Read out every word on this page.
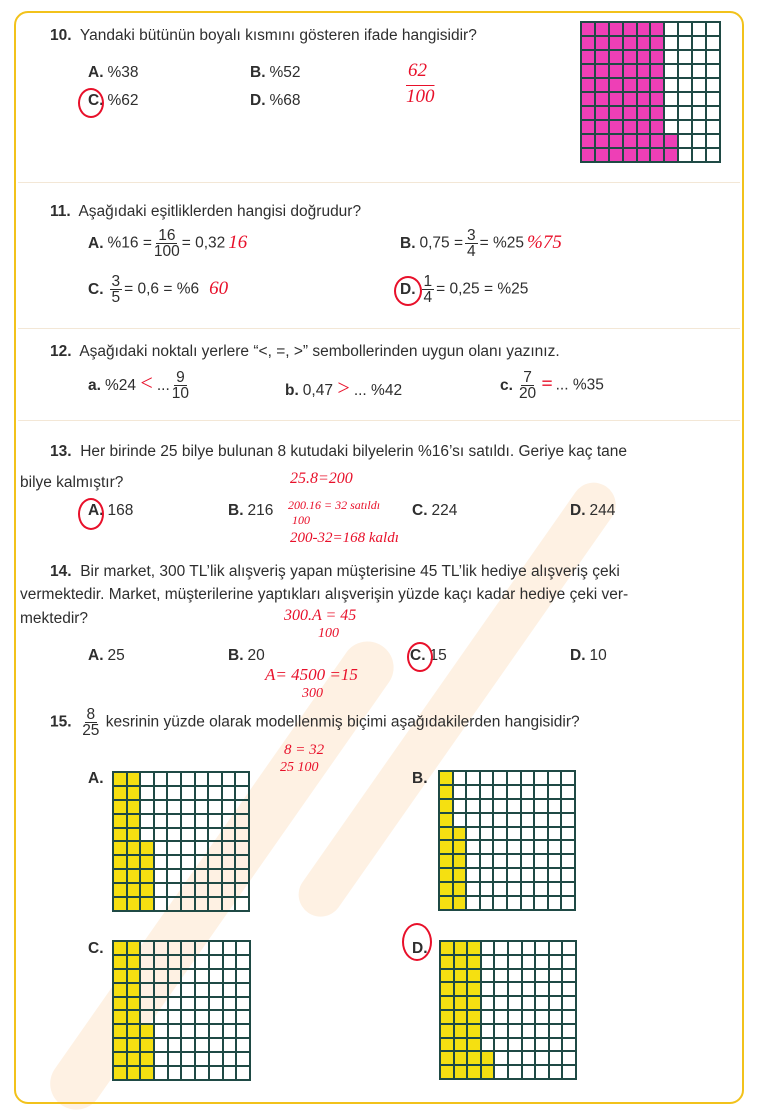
10. Yandaki bütünün boyalı kısmını gösteren ifade hangisidir?
A. %38	B. %52
C. %62	D. %68
62
100
11. Aşağıdaki eşitliklerden hangisi doğrudur?
A. $\%16 = \frac{16}{100} = 0,32$ 16	B. $0,75 = \frac{3}{4} = \%25$ %75
C. $\frac{3}{5} = 0,6 = \%6$ 60	D. $\frac{1}{4} = 0,25 = \%25$
12. Aşağıdaki noktalı yerlere “<, =, >” sembollerinden uygun olanı yazınız.
a. %24 < ... $\frac{9}{10}$	b. 0,47 > ... %42	c. $\frac{7}{20}$ = ... %35
13. Her birinde 25 bilye bulunan 8 kutudaki bilyelerin %16’sı satıldı. Geriye kaç tane
bilye kalmıştır?
A. 168	B. 216	C. 224	D. 244
25.8=200
200.16 = 32 satıldı
100
200-32=168 kaldı
14. Bir market, 300 TL’lik alışveriş yapan müşterisine 45 TL’lik hediye alışveriş çeki
vermektedir. Market, müşterilerine yaptıkları alışverişin yüzde kaçı kadar hediye çeki ver-
mektedir?
A. 25	B. 20	C. 15	D. 10
300.A = 45
100
A= 4500 =15
300
15. $\frac{8}{25}$ kesrinin yüzde olarak modellenmiş biçimi aşağıdakilerden hangisidir?
8 = 32
25 100
A.	B.
C.	D.
